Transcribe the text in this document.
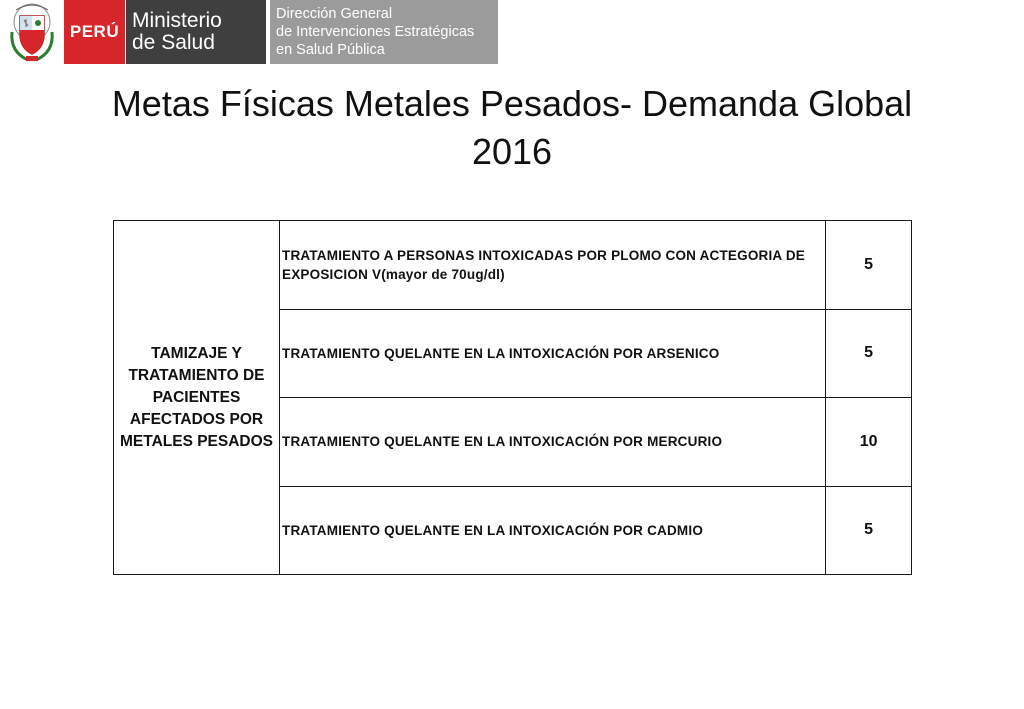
PERÚ Ministerio
de Salud
Dirección General
de Intervenciones Estratégicas
en Salud Pública
Metas Físicas Metales Pesados- Demanda Global
2016
TAMIZAJE Y TRATAMIENTO DE PACIENTES AFECTADOS POR METALES PESADOS	TRATAMIENTO A PERSONAS INTOXICADAS POR PLOMO CON ACTEGORIA DE EXPOSICION V(mayor de 70ug/dl)	5
	TRATAMIENTO QUELANTE EN LA INTOXICACIÓN POR ARSENICO	5
	TRATAMIENTO QUELANTE EN LA INTOXICACIÓN POR MERCURIO	10
	TRATAMIENTO QUELANTE EN LA INTOXICACIÓN POR CADMIO	5
